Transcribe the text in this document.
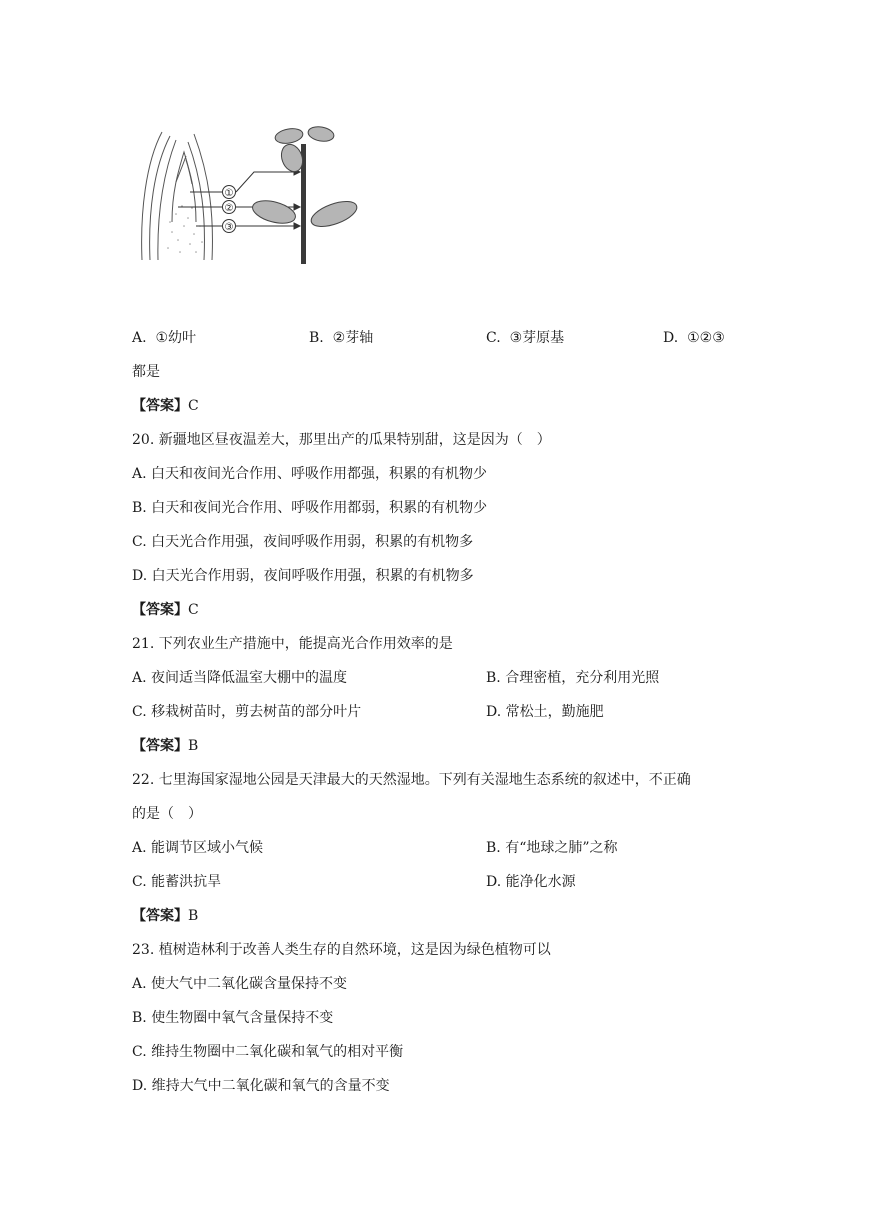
①
②
③
A. ①幼叶	B. ②芽轴	C. ③芽原基	D. ①②③
都是
【答案】C
20. 新疆地区昼夜温差大，那里出产的瓜果特别甜，这是因为（　）
A. 白天和夜间光合作用、呼吸作用都强，积累的有机物少
B. 白天和夜间光合作用、呼吸作用都弱，积累的有机物少
C. 白天光合作用强，夜间呼吸作用弱，积累的有机物多
D. 白天光合作用弱，夜间呼吸作用强，积累的有机物多
【答案】C
21. 下列农业生产措施中，能提高光合作用效率的是
A. 夜间适当降低温室大棚中的温度	B. 合理密植，充分利用光照
C. 移栽树苗时，剪去树苗的部分叶片	D. 常松土，勤施肥
【答案】B
22. 七里海国家湿地公园是天津最大的天然湿地。下列有关湿地生态系统的叙述中，不正确
的是（　）
A. 能调节区域小气候	B. 有“地球之肺”之称
C. 能蓄洪抗旱	D. 能净化水源
【答案】B
23. 植树造林利于改善人类生存的自然环境，这是因为绿色植物可以
A. 使大气中二氧化碳含量保持不变
B. 使生物圈中氧气含量保持不变
C. 维持生物圈中二氧化碳和氧气的相对平衡
D. 维持大气中二氧化碳和氧气的含量不变
